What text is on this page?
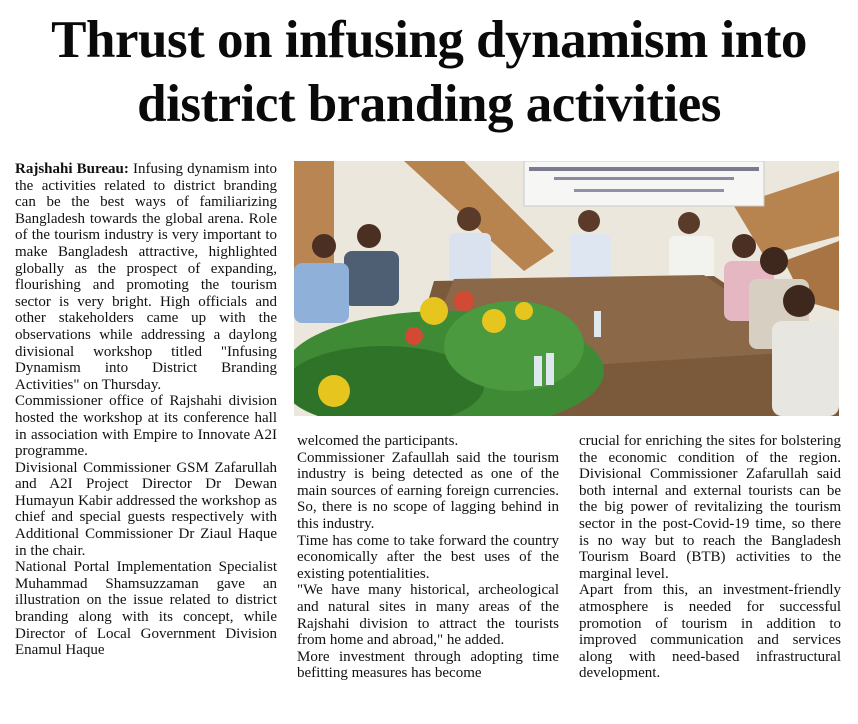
Thrust on infusing dynamism into
district branding activities

Rajshahi Bureau: Infusing dynamism into the activities related to district branding can be the best ways of familiarizing Bangladesh towards the global arena. Role of the tourism industry is very important to make Bangladesh attractive, highlighted globally as the prospect of expanding, flourishing and promoting the tourism sector is very bright. High officials and other stakeholders came up with the observations while addressing a daylong divisional workshop titled "Infusing Dynamism into District Branding Activities" on Thursday.

Commissioner office of Rajshahi division hosted the workshop at its conference hall in association with Empire to Innovate A2I programme.

Divisional Commissioner GSM Zafarullah and A2I Project Director Dr Dewan Humayun Kabir addressed the workshop as chief and special guests respectively with Additional Commissioner Dr Ziaul Haque in the chair.

National Portal Implementation Specialist Muhammad Shamsuzzaman gave an illustration on the issue related to district branding along with its concept, while Director of Local Government Division Enamul Haque

welcomed the participants.

Commissioner Zafaullah said the tourism industry is being detected as one of the main sources of earning foreign currencies. So, there is no scope of lagging behind in this industry.

Time has come to take forward the country economically after the best uses of the existing potentialities.

"We have many historical, archeological and natural sites in many areas of the Rajshahi division to attract the tourists from home and abroad," he added.

More investment through adopting time befitting measures has become

crucial for enriching the sites for bolstering the economic condition of the region. Divisional Commissioner Zafarullah said both internal and external tourists can be the big power of revitalizing the tourism sector in the post-Covid-19 time, so there is no way but to reach the Bangladesh Tourism Board (BTB) activities to the marginal level.

Apart from this, an investment-friendly atmosphere is needed for successful promotion of tourism in addition to improved communication and services along with need-based infrastructural development.
